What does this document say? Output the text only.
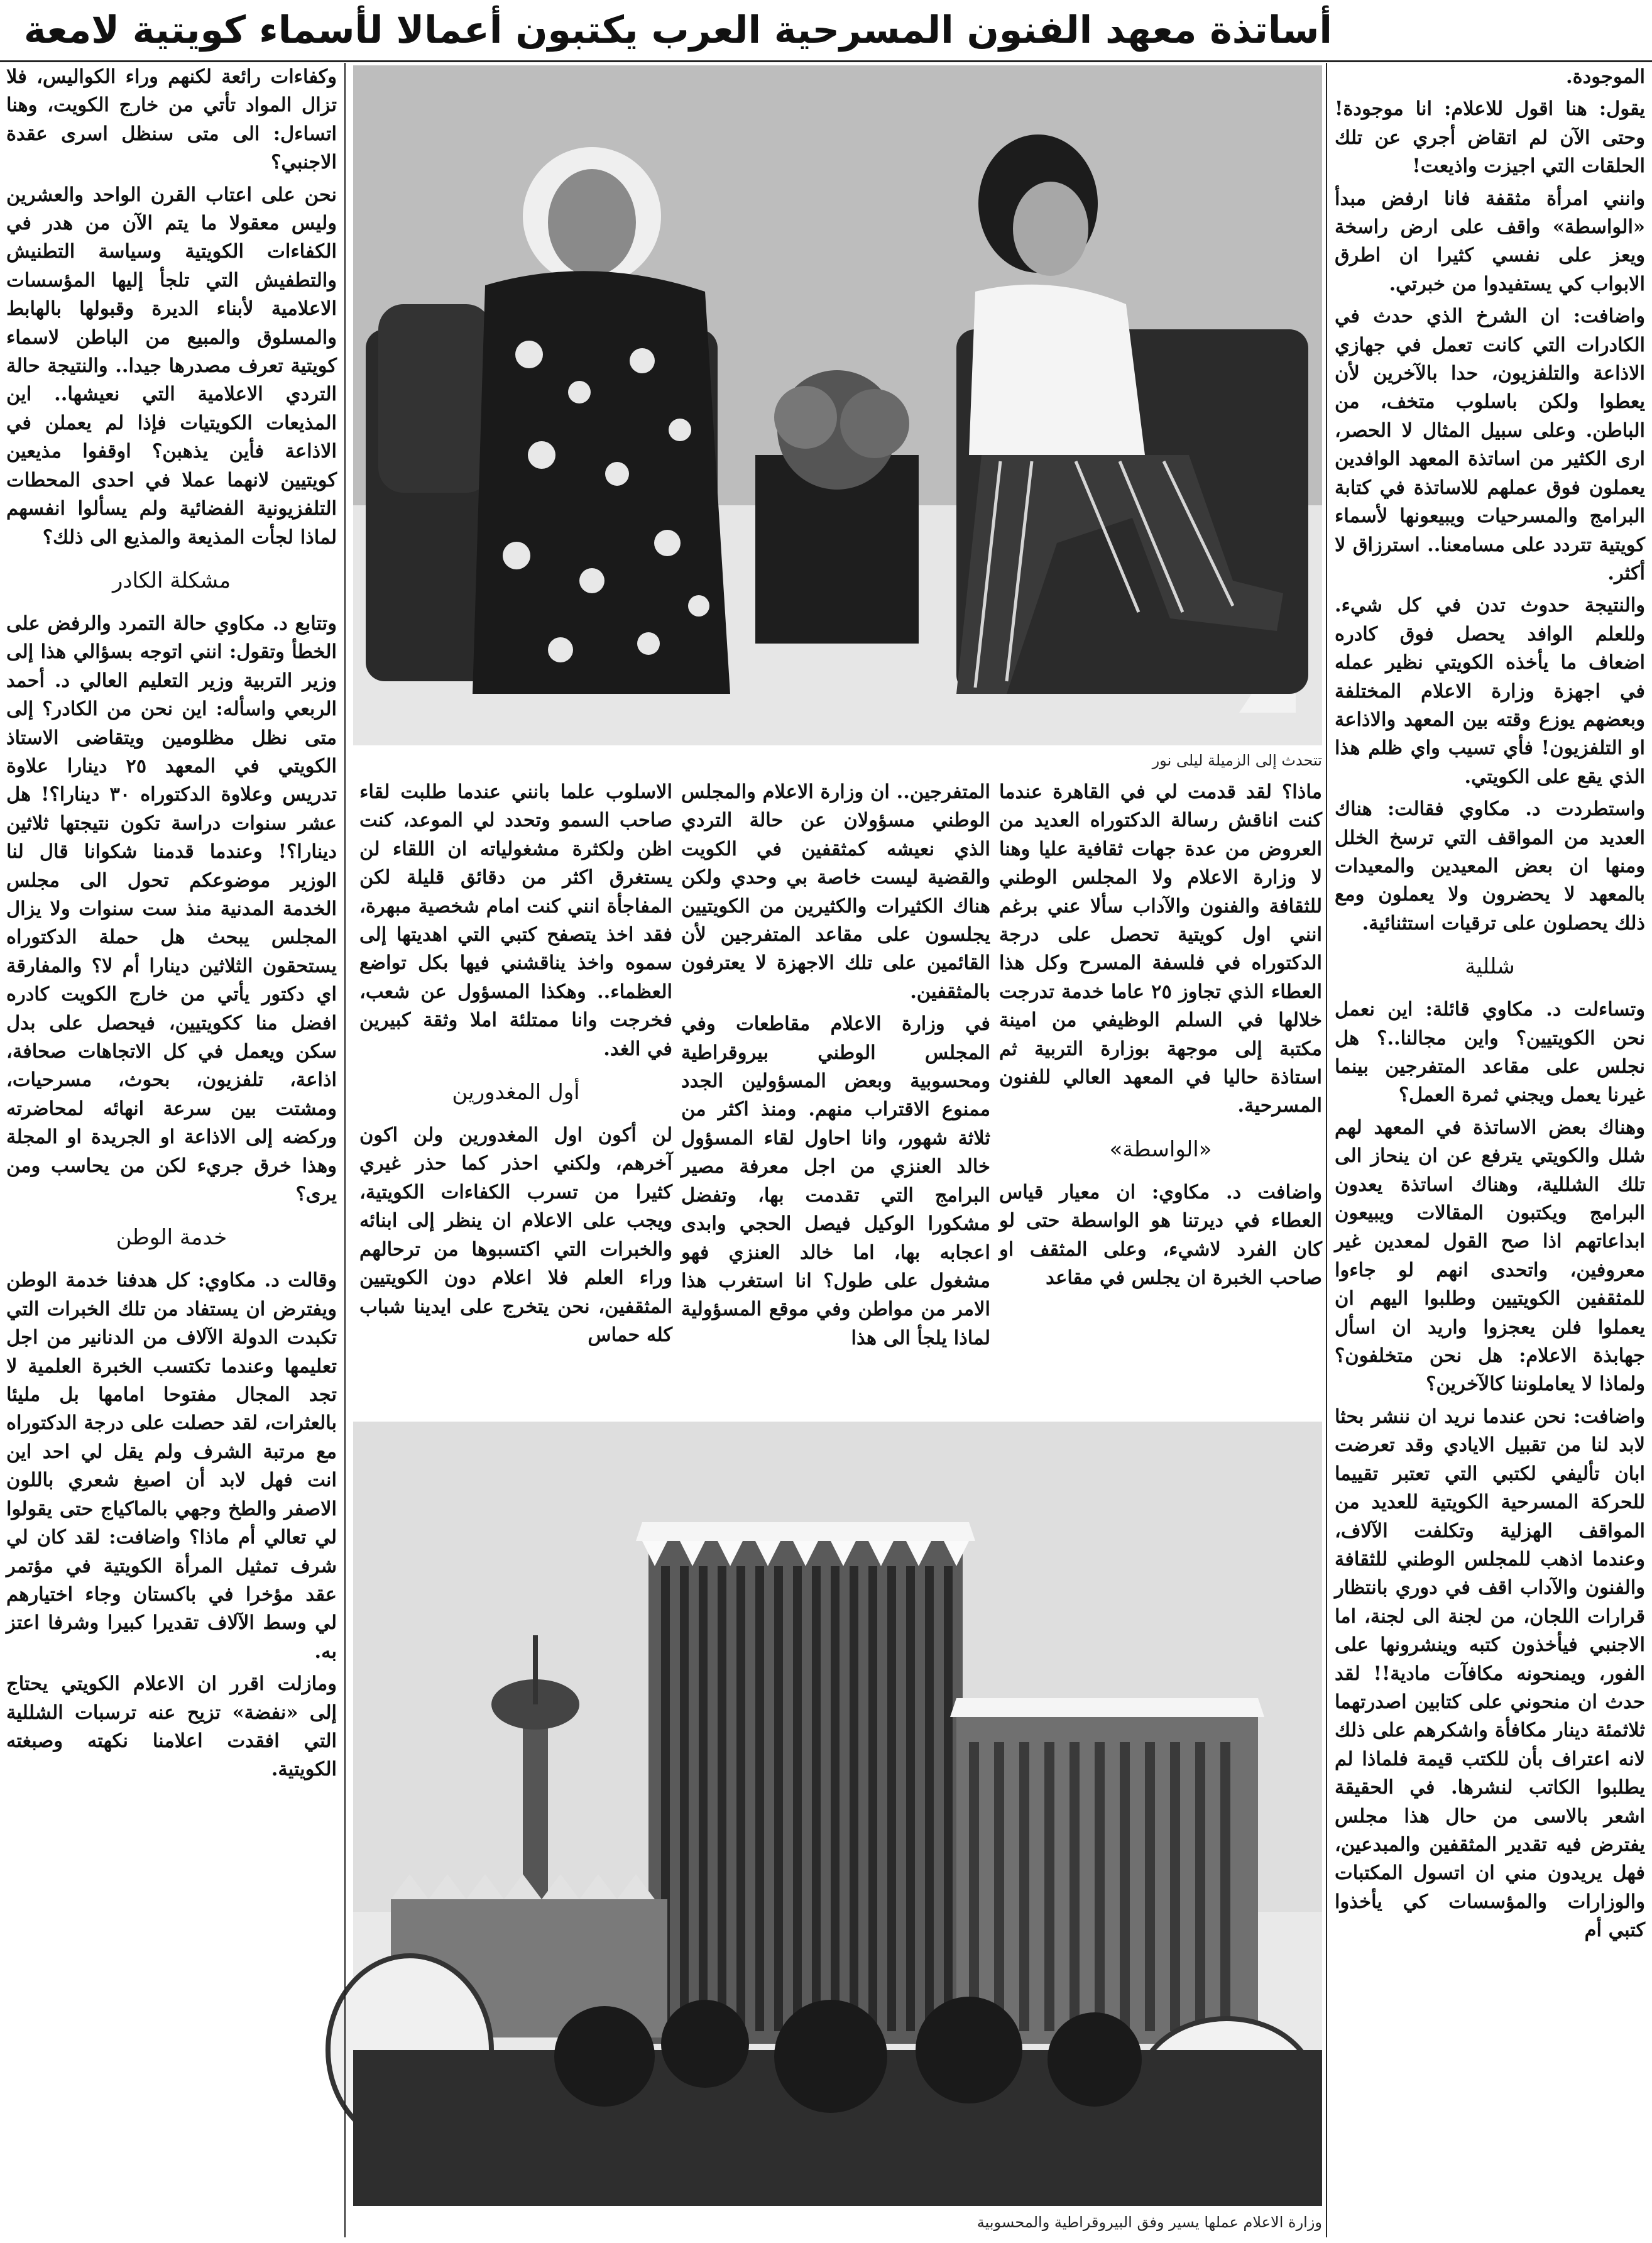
أساتذة معهد الفنون المسرحية العرب يكتبون أعمالا لأسماء كويتية لامعة

الموجودة.

يقول: هنا اقول للاعلام: انا موجودة! وحتى الآن لم اتقاض أجري عن تلك الحلقات التي اجيزت واذيعت!

وانني امرأة مثقفة فانا ارفض مبدأ «الواسطة» واقف على ارض راسخة ويعز على نفسي كثيرا ان اطرق الابواب كي يستفيدوا من خبرتي.

واضافت: ان الشرخ الذي حدث في الكادرات التي كانت تعمل في جهازي الاذاعة والتلفزيون، حدا بالآخرين لأن يعطوا ولكن باسلوب متخف، من الباطن. وعلى سبيل المثال لا الحصر، ارى الكثير من اساتذة المعهد الوافدين يعملون فوق عملهم للاساتذة في كتابة البرامج والمسرحيات ويبيعونها لأسماء كويتية تتردد على مسامعنا.. استرزاق لا أكثر.

والنتيجة حدوث تدن في كل شيء. وللعلم الوافد يحصل فوق كادره اضعاف ما يأخذه الكويتي نظير عمله في اجهزة وزارة الاعلام المختلفة وبعضهم يوزع وقته بين المعهد والاذاعة او التلفزيون! فأي تسيب واي ظلم هذا الذي يقع على الكويتي.

واستطردت د. مكاوي فقالت: هناك العديد من المواقف التي ترسخ الخلل ومنها ان بعض المعيدين والمعيدات بالمعهد لا يحضرون ولا يعملون ومع ذلك يحصلون على ترقيات استثنائية.

شللية

وتساءلت د. مكاوي قائلة: اين نعمل نحن الكويتيين؟ واين مجالنا..؟ هل نجلس على مقاعد المتفرجين بينما غيرنا يعمل ويجني ثمرة العمل؟

وهناك بعض الاساتذة في المعهد لهم شلل والكويتي يترفع عن ان ينحاز الى تلك الشللية، وهناك اساتذة يعدون البرامج ويكتبون المقالات ويبيعون ابداعاتهم اذا صح القول لمعدين غير معروفين، واتحدى انهم لو جاءوا للمثقفين الكويتيين وطلبوا اليهم ان يعملوا فلن يعجزوا واريد ان اسأل جهابذة الاعلام: هل نحن متخلفون؟ ولماذا لا يعاملوننا كالآخرين؟

واضافت: نحن عندما نريد ان ننشر بحثا لابد لنا من تقبيل الايادي وقد تعرضت ابان تأليفي لكتبي التي تعتبر تقييما للحركة المسرحية الكويتية للعديد من المواقف الهزلية وتكلفت الآلاف، وعندما اذهب للمجلس الوطني للثقافة والفنون والآداب اقف في دوري بانتظار قرارات اللجان، من لجنة الى لجنة، اما الاجنبي فيأخذون كتبه وينشرونها على الفور، ويمنحونه مكافآت مادية!! لقد حدث ان منحوني على كتابين اصدرتهما ثلاثمئة دينار مكافأة واشكرهم على ذلك لانه اعتراف بأن للكتب قيمة فلماذا لم يطلبوا الكاتب لنشرها. في الحقيقة اشعر بالاسى من حال هذا مجلس يفترض فيه تقدير المثقفين والمبدعين، فهل يريدون مني ان اتسول المكتبات والوزارات والمؤسسات كي يأخذوا كتبي أم

تتحدث إلى الزميلة ليلى نور

ماذا؟ لقد قدمت لي في القاهرة عندما كنت اناقش رسالة الدكتوراه العديد من العروض من عدة جهات ثقافية عليا وهنا لا وزارة الاعلام ولا المجلس الوطني للثقافة والفنون والآداب سألا عني برغم انني اول كويتية تحصل على درجة الدكتوراه في فلسفة المسرح وكل هذا العطاء الذي تجاوز ٢٥ عاما خدمة تدرجت خلالها في السلم الوظيفي من امينة مكتبة إلى موجهة بوزارة التربية ثم استاذة حاليا في المعهد العالي للفنون المسرحية.

«الواسطة»

واضافت د. مكاوي: ان معيار قياس العطاء في ديرتنا هو الواسطة حتى لو كان الفرد لاشيء، وعلى المثقف او صاحب الخبرة ان يجلس في مقاعد

المتفرجين.. ان وزارة الاعلام والمجلس الوطني مسؤولان عن حالة التردي الذي نعيشه كمثقفين في الكويت والقضية ليست خاصة بي وحدي ولكن هناك الكثيرات والكثيرين من الكويتيين يجلسون على مقاعد المتفرجين لأن القائمين على تلك الاجهزة لا يعترفون بالمثقفين.

في وزارة الاعلام مقاطعات وفي المجلس الوطني بيروقراطية ومحسوبية وبعض المسؤولين الجدد ممنوع الاقتراب منهم. ومنذ اكثر من ثلاثة شهور، وانا احاول لقاء المسؤول خالد العنزي من اجل معرفة مصير البرامج التي تقدمت بها، وتفضل مشكورا الوكيل فيصل الحجي وابدى اعجابه بها، اما خالد العنزي فهو مشغول على طول؟ انا استغرب هذا الامر من مواطن وفي موقع المسؤولية لماذا يلجأ الى هذا

الاسلوب علما بانني عندما طلبت لقاء صاحب السمو وتحدد لي الموعد، كنت اظن ولكثرة مشغولياته ان اللقاء لن يستغرق اكثر من دقائق قليلة لكن المفاجأة انني كنت امام شخصية مبهرة، فقد اخذ يتصفح كتبي التي اهديتها إلى سموه واخذ يناقشني فيها بكل تواضع العظماء.. وهكذا المسؤول عن شعب، فخرجت وانا ممتلئة املا وثقة كبيرين في الغد.

أول المغدورين

لن أكون اول المغدورين ولن اكون آخرهم، ولكني احذر كما حذر غيري كثيرا من تسرب الكفاءات الكويتية، ويجب على الاعلام ان ينظر إلى ابنائه والخبرات التي اكتسبوها من ترحالهم وراء العلم فلا اعلام دون الكويتيين المثقفين، نحن يتخرج على ايدينا شباب كله حماس

وزارة الاعلام عملها يسير وفق البيروقراطية والمحسوبية

وكفاءات رائعة لكنهم وراء الكواليس، فلا تزال المواد تأتي من خارج الكويت، وهنا اتساءل: الى متى سنظل اسرى عقدة الاجنبي؟

نحن على اعتاب القرن الواحد والعشرين وليس معقولا ما يتم الآن من هدر في الكفاءات الكويتية وسياسة التطنيش والتطفيش التي تلجأ إليها المؤسسات الاعلامية لأبناء الديرة وقبولها بالهابط والمسلوق والمبيع من الباطن لاسماء كويتية تعرف مصدرها جيدا.. والنتيجة حالة التردي الاعلامية التي نعيشها.. اين المذيعات الكويتيات فإذا لم يعملن في الاذاعة فأين يذهبن؟ اوقفوا مذيعين كويتيين لانهما عملا في احدى المحطات التلفزيونية الفضائية ولم يسألوا انفسهم لماذا لجأت المذيعة والمذيع الى ذلك؟

مشكلة الكادر

وتتابع د. مكاوي حالة التمرد والرفض على الخطأ وتقول: انني اتوجه بسؤالي هذا إلى وزير التربية وزير التعليم العالي د. أحمد الربعي واسأله: اين نحن من الكادر؟ إلى متى نظل مظلومين ويتقاضى الاستاذ الكويتي في المعهد ٢٥ دينارا علاوة تدريس وعلاوة الدكتوراه ٣٠ دينارا؟! هل عشر سنوات دراسة تكون نتيجتها ثلاثين دينارا؟! وعندما قدمنا شكوانا قال لنا الوزير موضوعكم تحول الى مجلس الخدمة المدنية منذ ست سنوات ولا يزال المجلس يبحث هل حملة الدكتوراه يستحقون الثلاثين دينارا أم لا؟ والمفارقة اي دكتور يأتي من خارج الكويت كادره افضل منا ككويتيين، فيحصل على بدل سكن ويعمل في كل الاتجاهات صحافة، اذاعة، تلفزيون، بحوث، مسرحيات، ومشتت بين سرعة انهائه لمحاضرته وركضه إلى الاذاعة او الجريدة او المجلة وهذا خرق جريء لكن من يحاسب ومن يرى؟

خدمة الوطن

وقالت د. مكاوي: كل هدفنا خدمة الوطن ويفترض ان يستفاد من تلك الخبرات التي تكبدت الدولة الآلاف من الدنانير من اجل تعليمها وعندما تكتسب الخبرة العلمية لا تجد المجال مفتوحا امامها بل مليئا بالعثرات، لقد حصلت على درجة الدكتوراه مع مرتبة الشرف ولم يقل لي احد اين انت فهل لابد أن اصبغ شعري باللون الاصفر والطخ وجهي بالماكياج حتى يقولوا لي تعالي أم ماذا؟ واضافت: لقد كان لي شرف تمثيل المرأة الكويتية في مؤتمر عقد مؤخرا في باكستان وجاء اختيارهم لي وسط الآلاف تقديرا كبيرا وشرفا اعتز به.

ومازلت اقرر ان الاعلام الكويتي يحتاج إلى «نفضة» تزيح عنه ترسبات الشللية التي افقدت اعلامنا نكهته وصبغته الكويتية.
